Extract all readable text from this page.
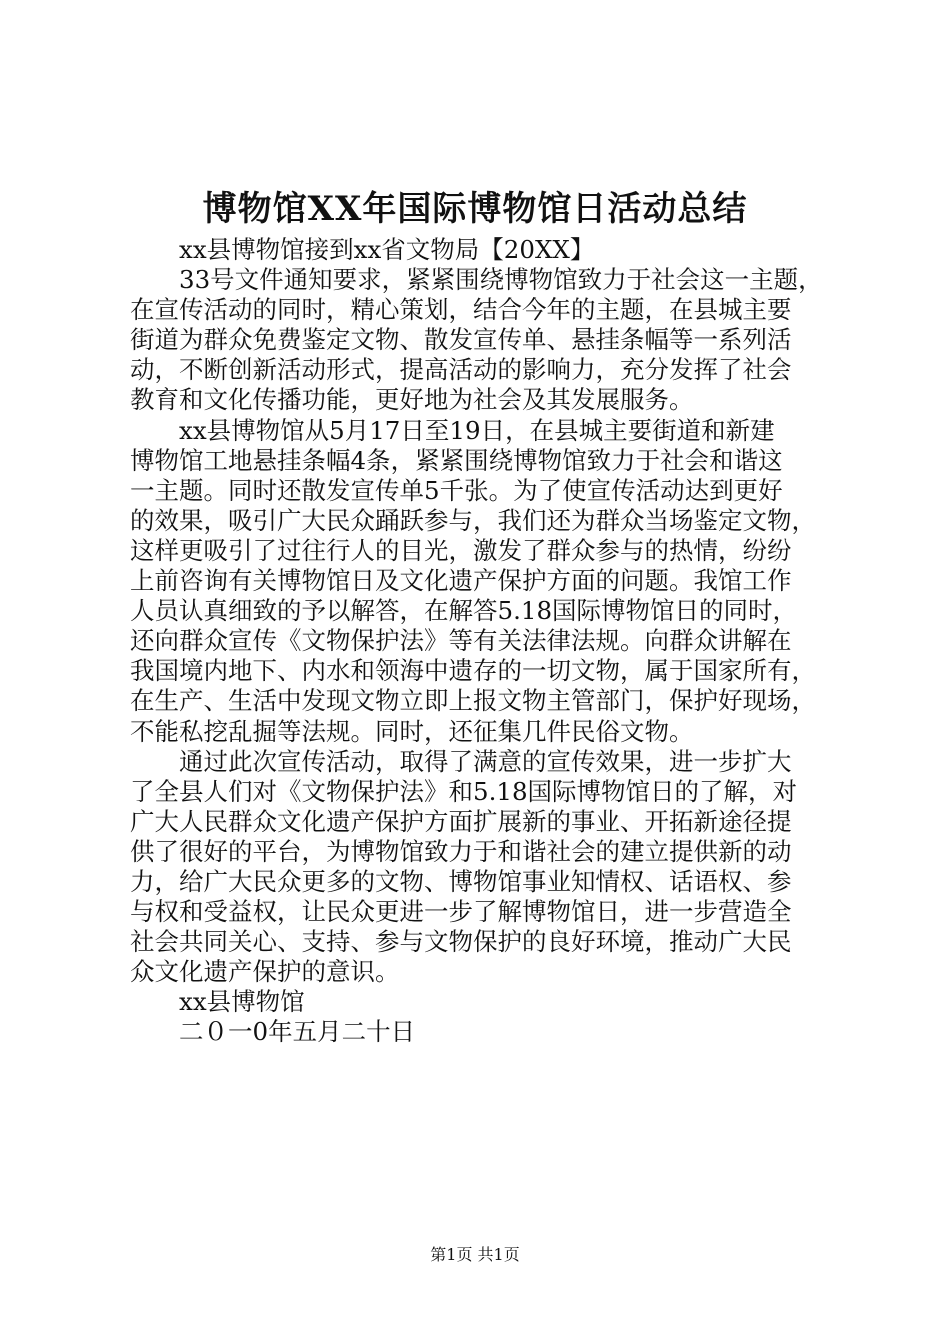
博物馆XX年国际博物馆日活动总结
xx县博物馆接到xx省文物局【20XX】
33号文件通知要求，紧紧围绕博物馆致力于社会这一主题，
在宣传活动的同时，精心策划，结合今年的主题，在县城主要
街道为群众免费鉴定文物、散发宣传单、悬挂条幅等一系列活
动，不断创新活动形式，提高活动的影响力，充分发挥了社会
教育和文化传播功能，更好地为社会及其发展服务。
xx县博物馆从5月17日至19日，在县城主要街道和新建
博物馆工地悬挂条幅4条，紧紧围绕博物馆致力于社会和谐这
一主题。同时还散发宣传单5千张。为了使宣传活动达到更好
的效果，吸引广大民众踊跃参与，我们还为群众当场鉴定文物，
这样更吸引了过往行人的目光，激发了群众参与的热情，纷纷
上前咨询有关博物馆日及文化遗产保护方面的问题。我馆工作
人员认真细致的予以解答，在解答5.18国际博物馆日的同时，
还向群众宣传《文物保护法》等有关法律法规。向群众讲解在
我国境内地下、内水和领海中遗存的一切文物，属于国家所有，
在生产、生活中发现文物立即上报文物主管部门，保护好现场，
不能私挖乱掘等法规。同时，还征集几件民俗文物。
通过此次宣传活动，取得了满意的宣传效果，进一步扩大
了全县人们对《文物保护法》和5.18国际博物馆日的了解，对
广大人民群众文化遗产保护方面扩展新的事业、开拓新途径提
供了很好的平台，为博物馆致力于和谐社会的建立提供新的动
力，给广大民众更多的文物、博物馆事业知情权、话语权、参
与权和受益权，让民众更进一步了解博物馆日，进一步营造全
社会共同关心、支持、参与文物保护的良好环境，推动广大民
众文化遗产保护的意识。
xx县博物馆
二０一0年五月二十日
第1页 共1页
